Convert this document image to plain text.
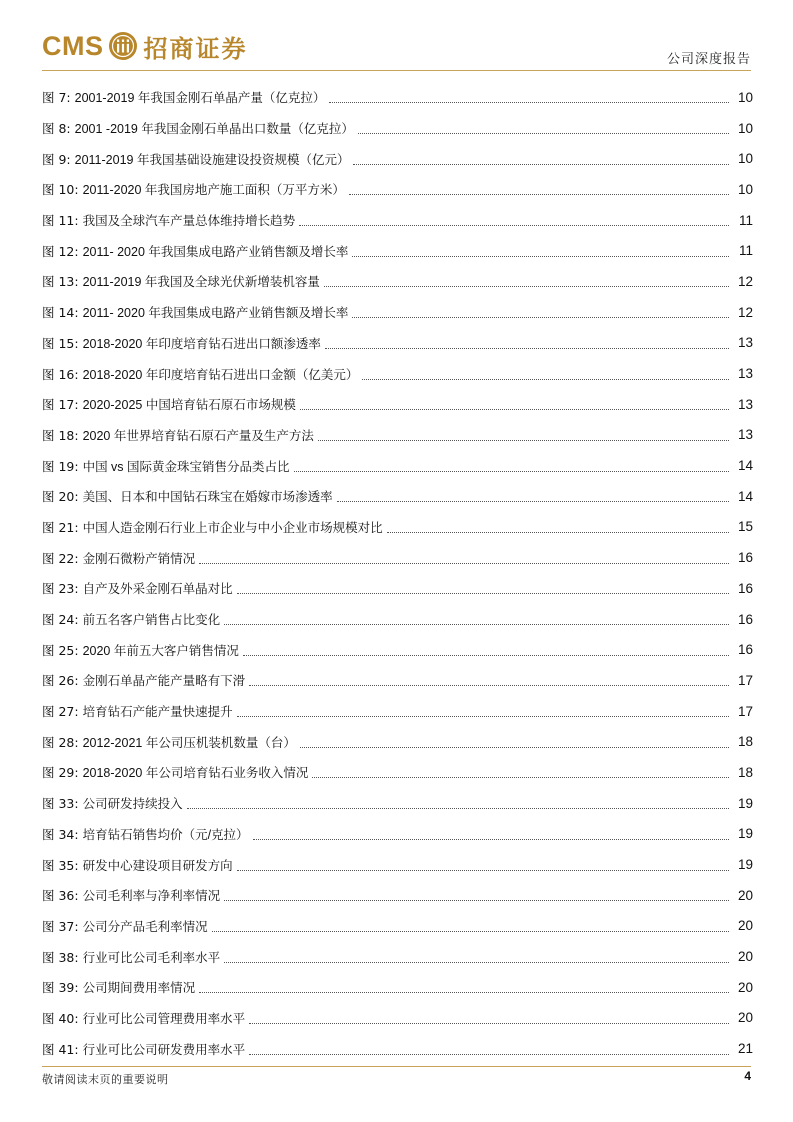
CMS 招商证券	公司深度报告
图 7: 2001-2019 年我国金刚石单晶产量（亿克拉）	10
图 8: 2001 -2019 年我国金刚石单晶出口数量（亿克拉）	10
图 9: 2011-2019 年我国基础设施建设投资规模（亿元）	10
图 10: 2011-2020 年我国房地产施工面积（万平方米）	10
图 11: 我国及全球汽车产量总体维持增长趋势	11
图 12: 2011- 2020 年我国集成电路产业销售额及增长率	11
图 13: 2011-2019 年我国及全球光伏新增装机容量	12
图 14: 2011- 2020 年我国集成电路产业销售额及增长率	12
图 15: 2018-2020 年印度培育钻石进出口额渗透率	13
图 16: 2018-2020 年印度培育钻石进出口金额（亿美元）	13
图 17: 2020-2025 中国培育钻石原石市场规模	13
图 18: 2020 年世界培育钻石原石产量及生产方法	13
图 19: 中国 vs 国际黄金珠宝销售分品类占比	14
图 20: 美国、日本和中国钻石珠宝在婚嫁市场渗透率	14
图 21: 中国人造金刚石行业上市企业与中小企业市场规模对比	15
图 22: 金刚石微粉产销情况	16
图 23: 自产及外采金刚石单晶对比	16
图 24: 前五名客户销售占比变化	16
图 25: 2020 年前五大客户销售情况	16
图 26: 金刚石单晶产能产量略有下滑	17
图 27: 培育钻石产能产量快速提升	17
图 28: 2012-2021 年公司压机装机数量（台）	18
图 29: 2018-2020 年公司培育钻石业务收入情况	18
图 33: 公司研发持续投入	19
图 34: 培育钻石销售均价（元/克拉）	19
图 35: 研发中心建设项目研发方向	19
图 36: 公司毛利率与净利率情况	20
图 37: 公司分产品毛利率情况	20
图 38: 行业可比公司毛利率水平	20
图 39: 公司期间费用率情况	20
图 40: 行业可比公司管理费用率水平	20
图 41: 行业可比公司研发费用率水平	21
敬请阅读末页的重要说明	4
